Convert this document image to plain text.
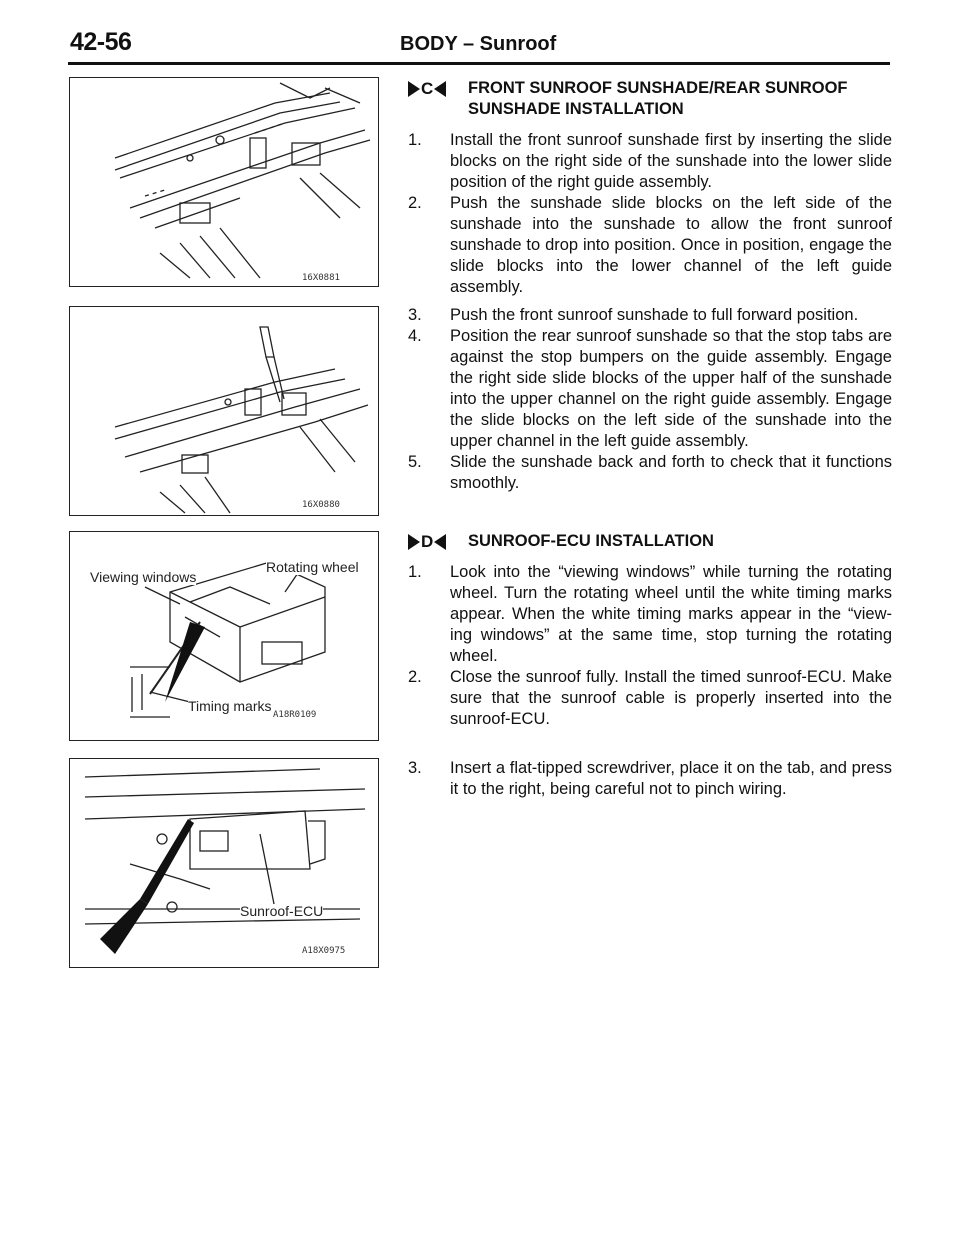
42-56	BODY – Sunroof
16X0881
16X0880
Viewing windows
Rotating wheel
Timing marks
A18R0109
Sunroof-ECU
A18X0975
C FRONT SUNROOF SUNSHADE/REAR SUNROOF SUNSHADE INSTALLATION
1.	Install the front sunroof sunshade first by inserting the slide blocks on the right side of the sunshade into the lower slide position of the right guide assembly.
2.	Push the sunshade slide blocks on the left side of the sunshade into the sunshade to allow the front sunroof sunshade to drop into position. Once in position, engage the slide blocks into the lower channel of the left guide assembly.
3.	Push the front sunroof sunshade to full forward position.
4.	Position the rear sunroof sunshade so that the stop tabs are against the stop bumpers on the guide assembly. Engage the right side slide blocks of the upper half of the sunshade into the upper channel on the right guide assembly. Engage the slide blocks on the left side of the sunshade into the upper channel in the left guide assembly.
5.	Slide the sunshade back and forth to check that it functions smoothly.
D SUNROOF-ECU INSTALLATION
1.	Look into the “viewing windows” while turning the rotating wheel. Turn the rotating wheel until the white timing marks appear. When the white timing marks appear in the “view-ing windows” at the same time, stop turning the rotating wheel.
2.	Close the sunroof fully. Install the timed sunroof-ECU. Make sure that the sunroof cable is properly inserted into the sunroof-ECU.
3.	Insert a flat-tipped screwdriver, place it on the tab, and press it to the right, being careful not to pinch wiring.
